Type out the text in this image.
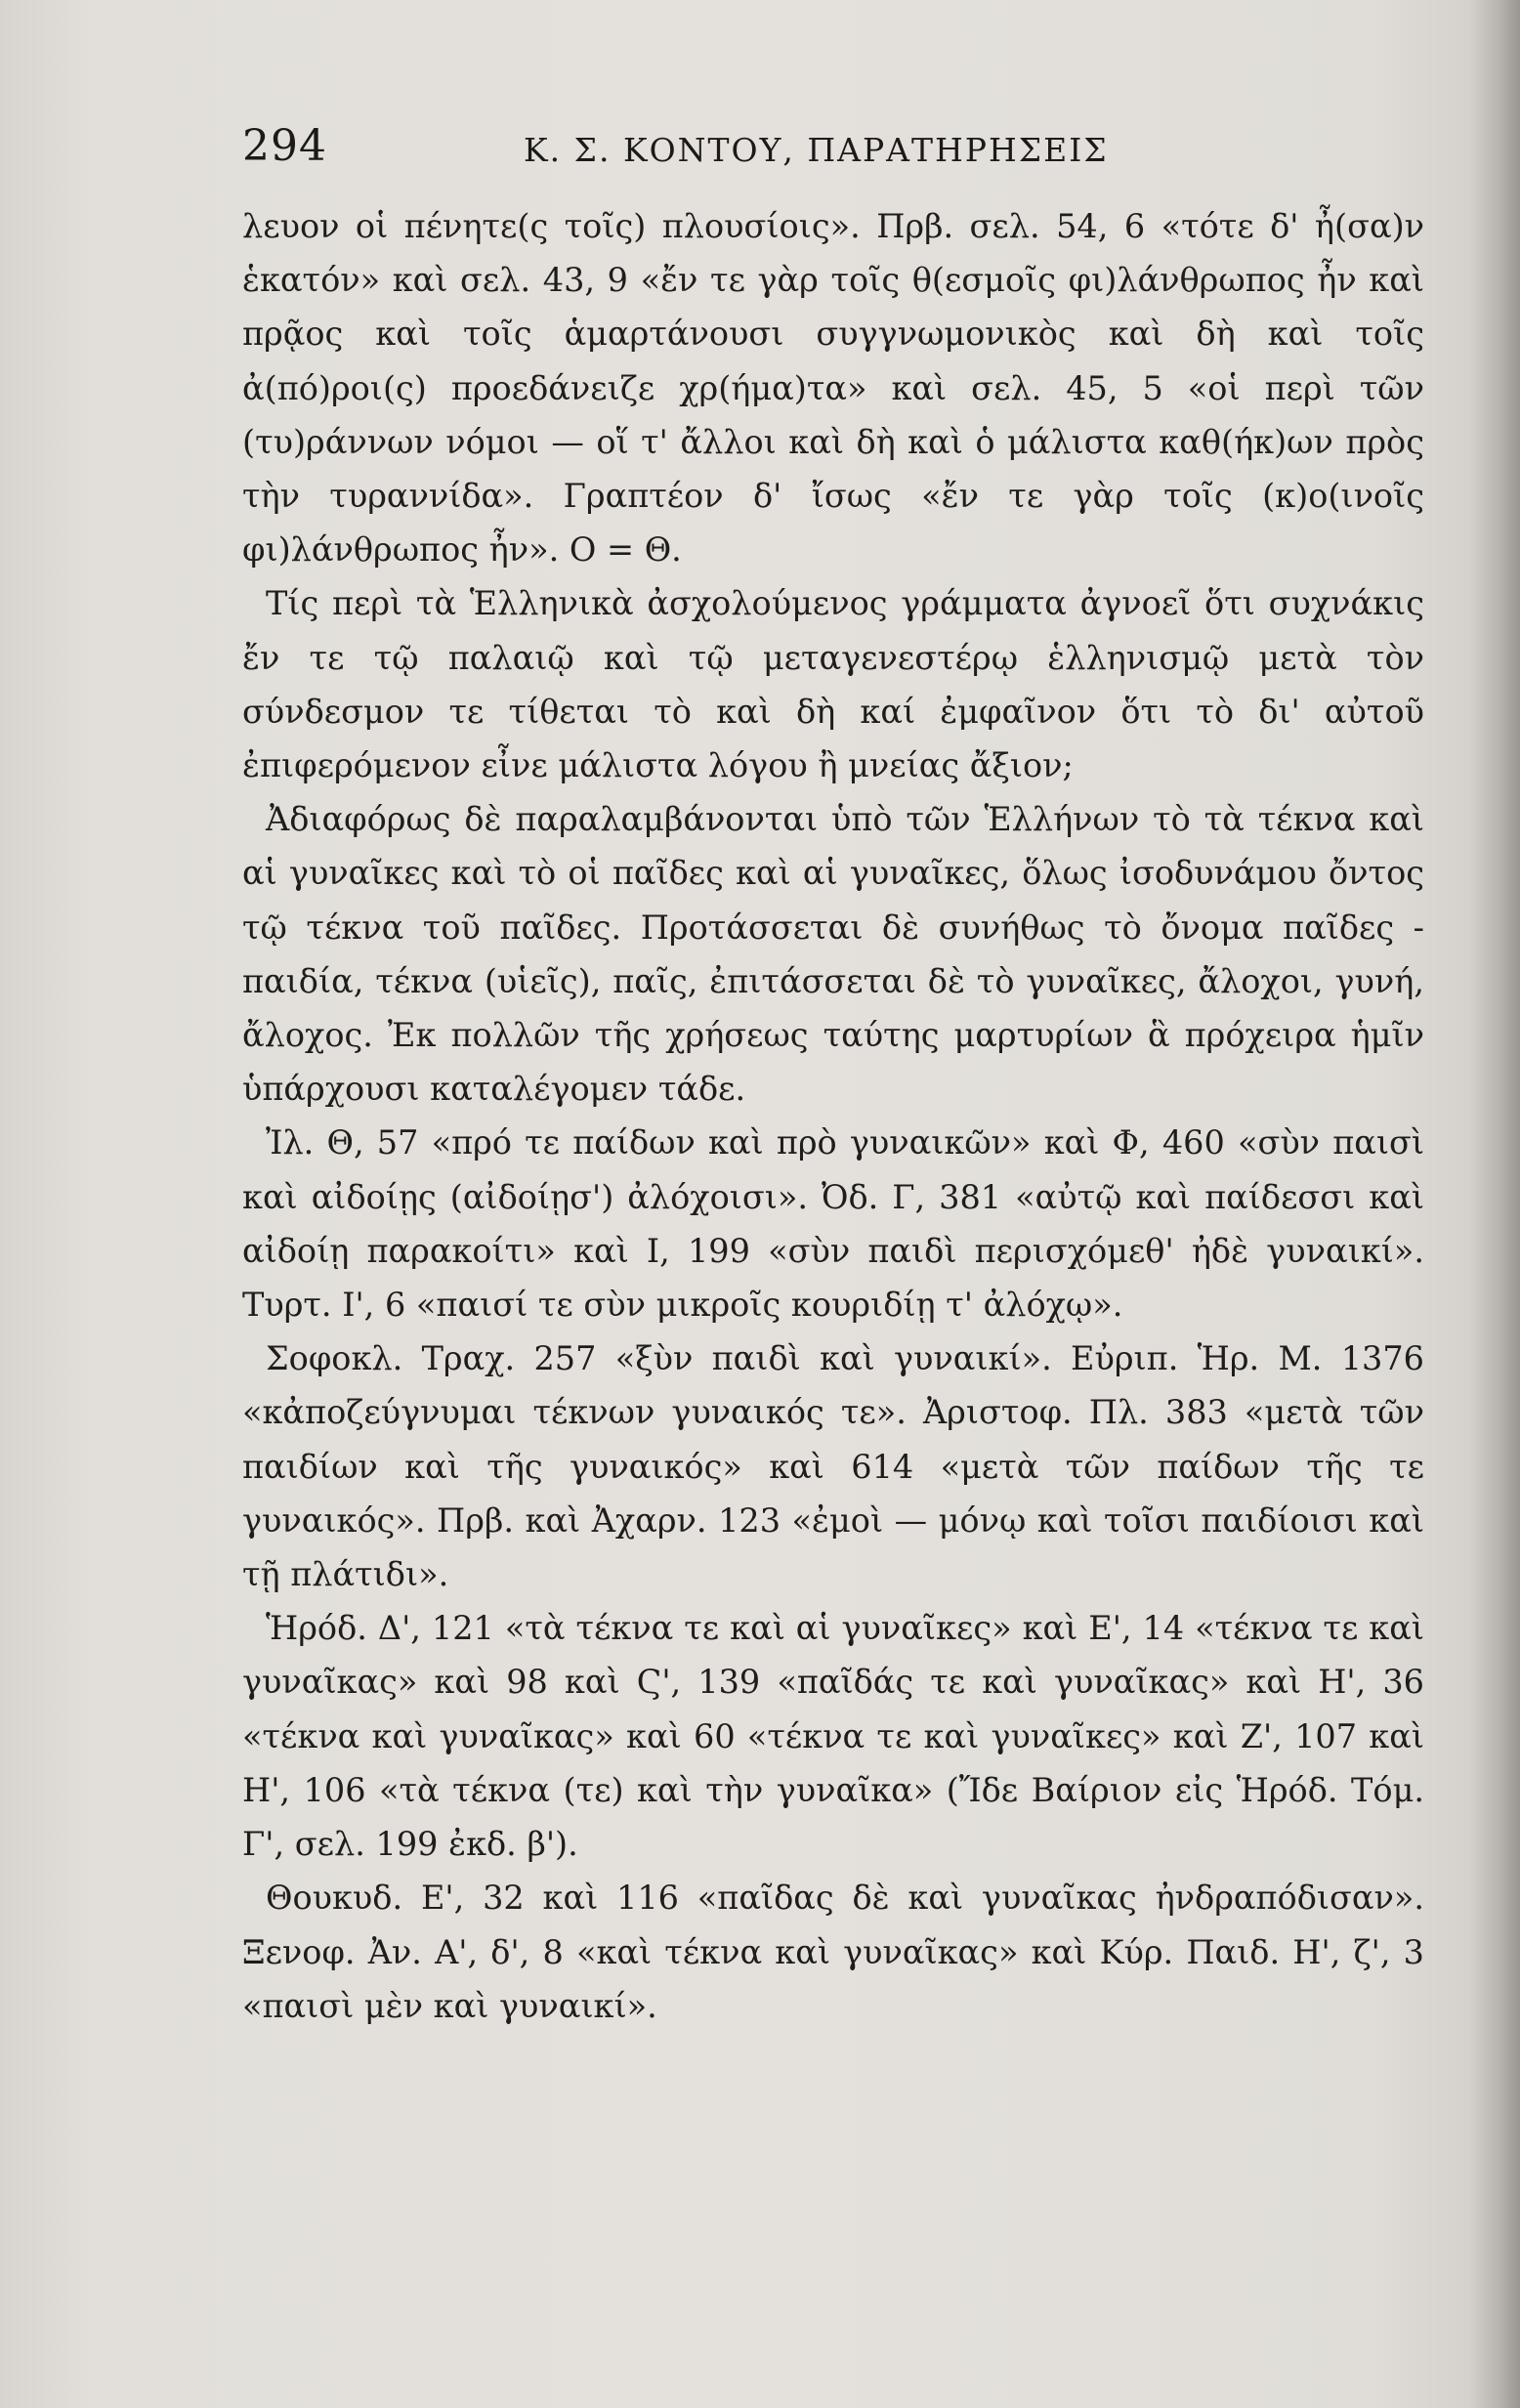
294	Κ. Σ. ΚΟΝΤΟΥ, ΠΑΡΑΤΗΡΗΣΕΙΣ

λευον οἱ πένητε(ς τοῖς) πλουσίοις». Πρβ. σελ. 54, 6 «τότε δ' ἦ(σα)ν ἑκατόν» καὶ σελ. 43, 9 «ἔν τε γὰρ τοῖς θ(εσμοῖς φι)λάνθρωπος ἦν καὶ πρᾷος καὶ τοῖς ἁμαρτάνουσι συγγνωμονικὸς καὶ δὴ καὶ τοῖς ἀ(πό)ροι(ς) προεδάνειζε χρ(ήμα)τα» καὶ σελ. 45, 5 «οἱ περὶ τῶν (τυ)ράννων νόμοι — οἵ τ' ἄλλοι καὶ δὴ καὶ ὁ μάλιστα καθ(ήκ)ων πρὸς τὴν τυραννίδα». Γραπτέον δ' ἴσως «ἔν τε γὰρ τοῖς (κ)ο(ινοῖς φι)λάνθρωπος ἦν». Ο = Θ.

Τίς περὶ τὰ Ἑλληνικὰ ἀσχολούμενος γράμματα ἀγνοεῖ ὅτι συχνάκις ἔν τε τῷ παλαιῷ καὶ τῷ μεταγενεστέρῳ ἑλληνισμῷ μετὰ τὸν σύνδεσμον τε τίθεται τὸ καὶ δὴ καί ἐμφαῖνον ὅτι τὸ δι' αὐτοῦ ἐπιφερόμενον εἶνε μάλιστα λόγου ἢ μνείας ἄξιον;

Ἀδιαφόρως δὲ παραλαμβάνονται ὑπὸ τῶν Ἑλλήνων τὸ τὰ τέκνα καὶ αἱ γυναῖκες καὶ τὸ οἱ παῖδες καὶ αἱ γυναῖκες, ὅλως ἰσοδυνάμου ὄντος τῷ τέκνα τοῦ παῖδες. Προτάσσεται δὲ συνήθως τὸ ὄνομα παῖδες - παιδία, τέκνα (υἱεῖς), παῖς, ἐπιτάσσεται δὲ τὸ γυναῖκες, ἄλοχοι, γυνή, ἄλοχος. Ἐκ πολλῶν τῆς χρήσεως ταύτης μαρτυρίων ἃ πρόχειρα ἡμῖν ὑπάρχουσι καταλέγομεν τάδε.

Ἰλ. Θ, 57 «πρό τε παίδων καὶ πρὸ γυναικῶν» καὶ Φ, 460 «σὺν παισὶ καὶ αἰδοίῃς (αἰδοίῃσ') ἀλόχοισι». Ὀδ. Γ, 381 «αὐτῷ καὶ παίδεσσι καὶ αἰδοίῃ παρακοίτι» καὶ Ι, 199 «σὺν παιδὶ περισχόμεθ' ἠδὲ γυναικί». Τυρτ. Ι', 6 «παισί τε σὺν μικροῖς κουριδίῃ τ' ἀλόχῳ».

Σοφοκλ. Τραχ. 257 «ξὺν παιδὶ καὶ γυναικί». Εὐριπ. Ἡρ. Μ. 1376 «κἀποζεύγνυμαι τέκνων γυναικός τε». Ἀριστοφ. Πλ. 383 «μετὰ τῶν παιδίων καὶ τῆς γυναικός» καὶ 614 «μετὰ τῶν παίδων τῆς τε γυναικός». Πρβ. καὶ Ἀχαρν. 123 «ἐμοὶ — μόνῳ καὶ τοῖσι παιδίοισι καὶ τῇ πλάτιδι».

Ἡρόδ. Δ', 121 «τὰ τέκνα τε καὶ αἱ γυναῖκες» καὶ Ε', 14 «τέκνα τε καὶ γυναῖκας» καὶ 98 καὶ Ϛ', 139 «παῖδάς τε καὶ γυναῖκας» καὶ Η', 36 «τέκνα καὶ γυναῖκας» καὶ 60 «τέκνα τε καὶ γυναῖκες» καὶ Ζ', 107 καὶ Η', 106 «τὰ τέκνα (τε) καὶ τὴν γυναῖκα» (Ἴδε Βαίριον εἰς Ἡρόδ. Τόμ. Γ', σελ. 199 ἐκδ. β').

Θουκυδ. Ε', 32 καὶ 116 «παῖδας δὲ καὶ γυναῖκας ἠνδραπόδισαν». Ξενοφ. Ἀν. Α', δ', 8 «καὶ τέκνα καὶ γυναῖκας» καὶ Κύρ. Παιδ. Η', ζ', 3 «παισὶ μὲν καὶ γυναικί».
